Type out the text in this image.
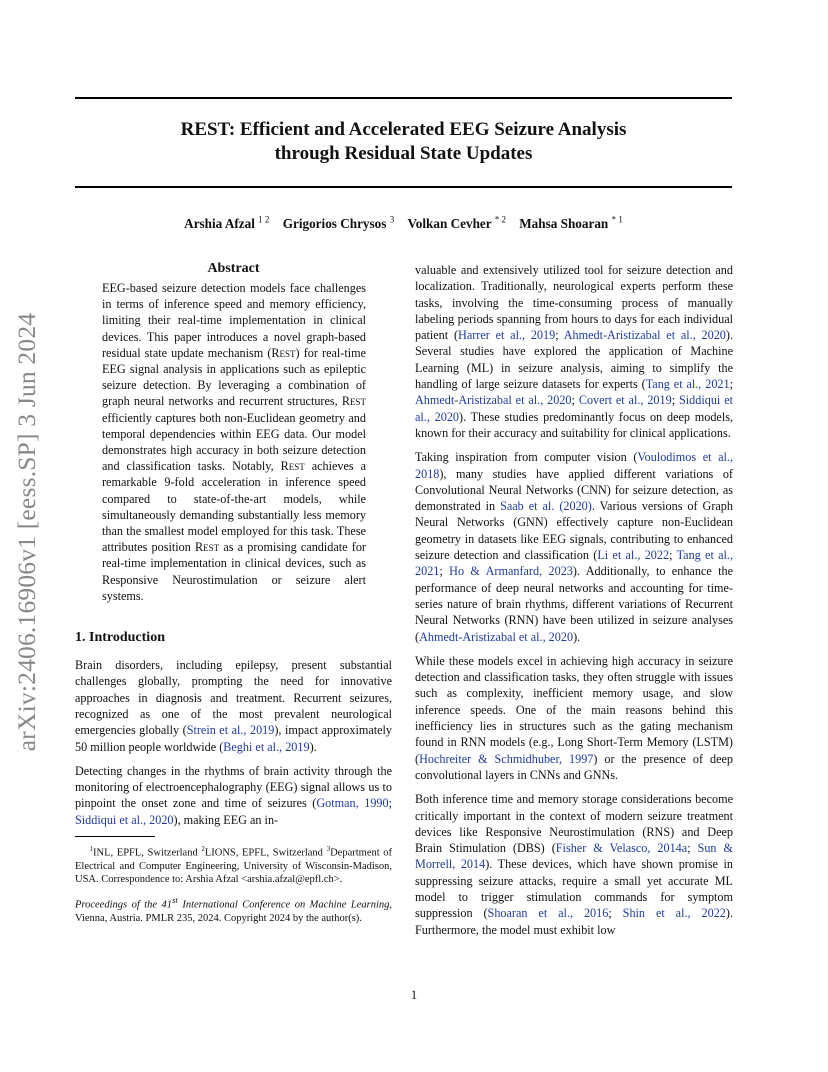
arXiv:2406.16906v1 [eess.SP] 3 Jun 2024
REST: Efficient and Accelerated EEG Seizure Analysis
through Residual State Updates
Arshia Afzal $^{1 2}$ Grigorios Chrysos $^3$ Volkan Cevher $^{* 2}$ Mahsa Shoaran $^{* 1}$
Abstract

EEG-based seizure detection models face challenges in terms of inference speed and memory efficiency, limiting their real-time implementation in clinical devices. This paper introduces a novel graph-based residual state update mechanism (Rest) for real-time EEG signal analysis in applications such as epileptic seizure detection. By leveraging a combination of graph neural networks and recurrent structures, Rest efficiently captures both non-Euclidean geometry and temporal dependencies within EEG data. Our model demonstrates high accuracy in both seizure detection and classification tasks. Notably, Rest achieves a remarkable 9-fold acceleration in inference speed compared to state-of-the-art models, while simultaneously demanding substantially less memory than the smallest model employed for this task. These attributes position Rest as a promising candidate for real-time implementation in clinical devices, such as Responsive Neurostimulation or seizure alert systems.

1. Introduction

Brain disorders, including epilepsy, present substantial challenges globally, prompting the need for innovative approaches in diagnosis and treatment. Recurrent seizures, recognized as one of the most prevalent neurological emergencies globally (Strein et al., 2019), impact approximately 50 million people worldwide (Beghi et al., 2019).

Detecting changes in the rhythms of brain activity through the monitoring of electroencephalography (EEG) signal allows us to pinpoint the onset zone and time of seizures (Gotman, 1990; Siddiqui et al., 2020), making EEG an in-

$^1$INL, EPFL, Switzerland $^2$LIONS, EPFL, Switzerland $^3$Department of Electrical and Computer Engineering, University of Wisconsin-Madison, USA. Correspondence to: Arshia Afzal <arshia.afzal@epfl.ch>.

Proceedings of the 41st International Conference on Machine Learning, Vienna, Austria. PMLR 235, 2024. Copyright 2024 by the author(s).

valuable and extensively utilized tool for seizure detection and localization. Traditionally, neurological experts perform these tasks, involving the time-consuming process of manually labeling periods spanning from hours to days for each individual patient (Harrer et al., 2019; Ahmedt-Aristizabal et al., 2020). Several studies have explored the application of Machine Learning (ML) in seizure analysis, aiming to simplify the handling of large seizure datasets for experts (Tang et al., 2021; Ahmedt-Aristizabal et al., 2020; Covert et al., 2019; Siddiqui et al., 2020). These studies predominantly focus on deep models, known for their accuracy and suitability for clinical applications.

Taking inspiration from computer vision (Voulodimos et al., 2018), many studies have applied different variations of Convolutional Neural Networks (CNN) for seizure detection, as demonstrated in Saab et al. (2020). Various versions of Graph Neural Networks (GNN) effectively capture non-Euclidean geometry in datasets like EEG signals, contributing to enhanced seizure detection and classification (Li et al., 2022; Tang et al., 2021; Ho & Armanfard, 2023). Additionally, to enhance the performance of deep neural networks and accounting for time-series nature of brain rhythms, different variations of Recurrent Neural Networks (RNN) have been utilized in seizure analyses (Ahmedt-Aristizabal et al., 2020).

While these models excel in achieving high accuracy in seizure detection and classification tasks, they often struggle with issues such as complexity, inefficient memory usage, and slow inference speeds. One of the main reasons behind this inefficiency lies in structures such as the gating mechanism found in RNN models (e.g., Long Short-Term Memory (LSTM) (Hochreiter & Schmidhuber, 1997) or the presence of deep convolutional layers in CNNs and GNNs.

Both inference time and memory storage considerations become critically important in the context of modern seizure treatment devices like Responsive Neurostimulation (RNS) and Deep Brain Stimulation (DBS) (Fisher & Velasco, 2014a; Sun & Morrell, 2014). These devices, which have shown promise in suppressing seizure attacks, require a small yet accurate ML model to trigger stimulation commands for symptom suppression (Shoaran et al., 2016; Shin et al., 2022). Furthermore, the model must exhibit low

1
